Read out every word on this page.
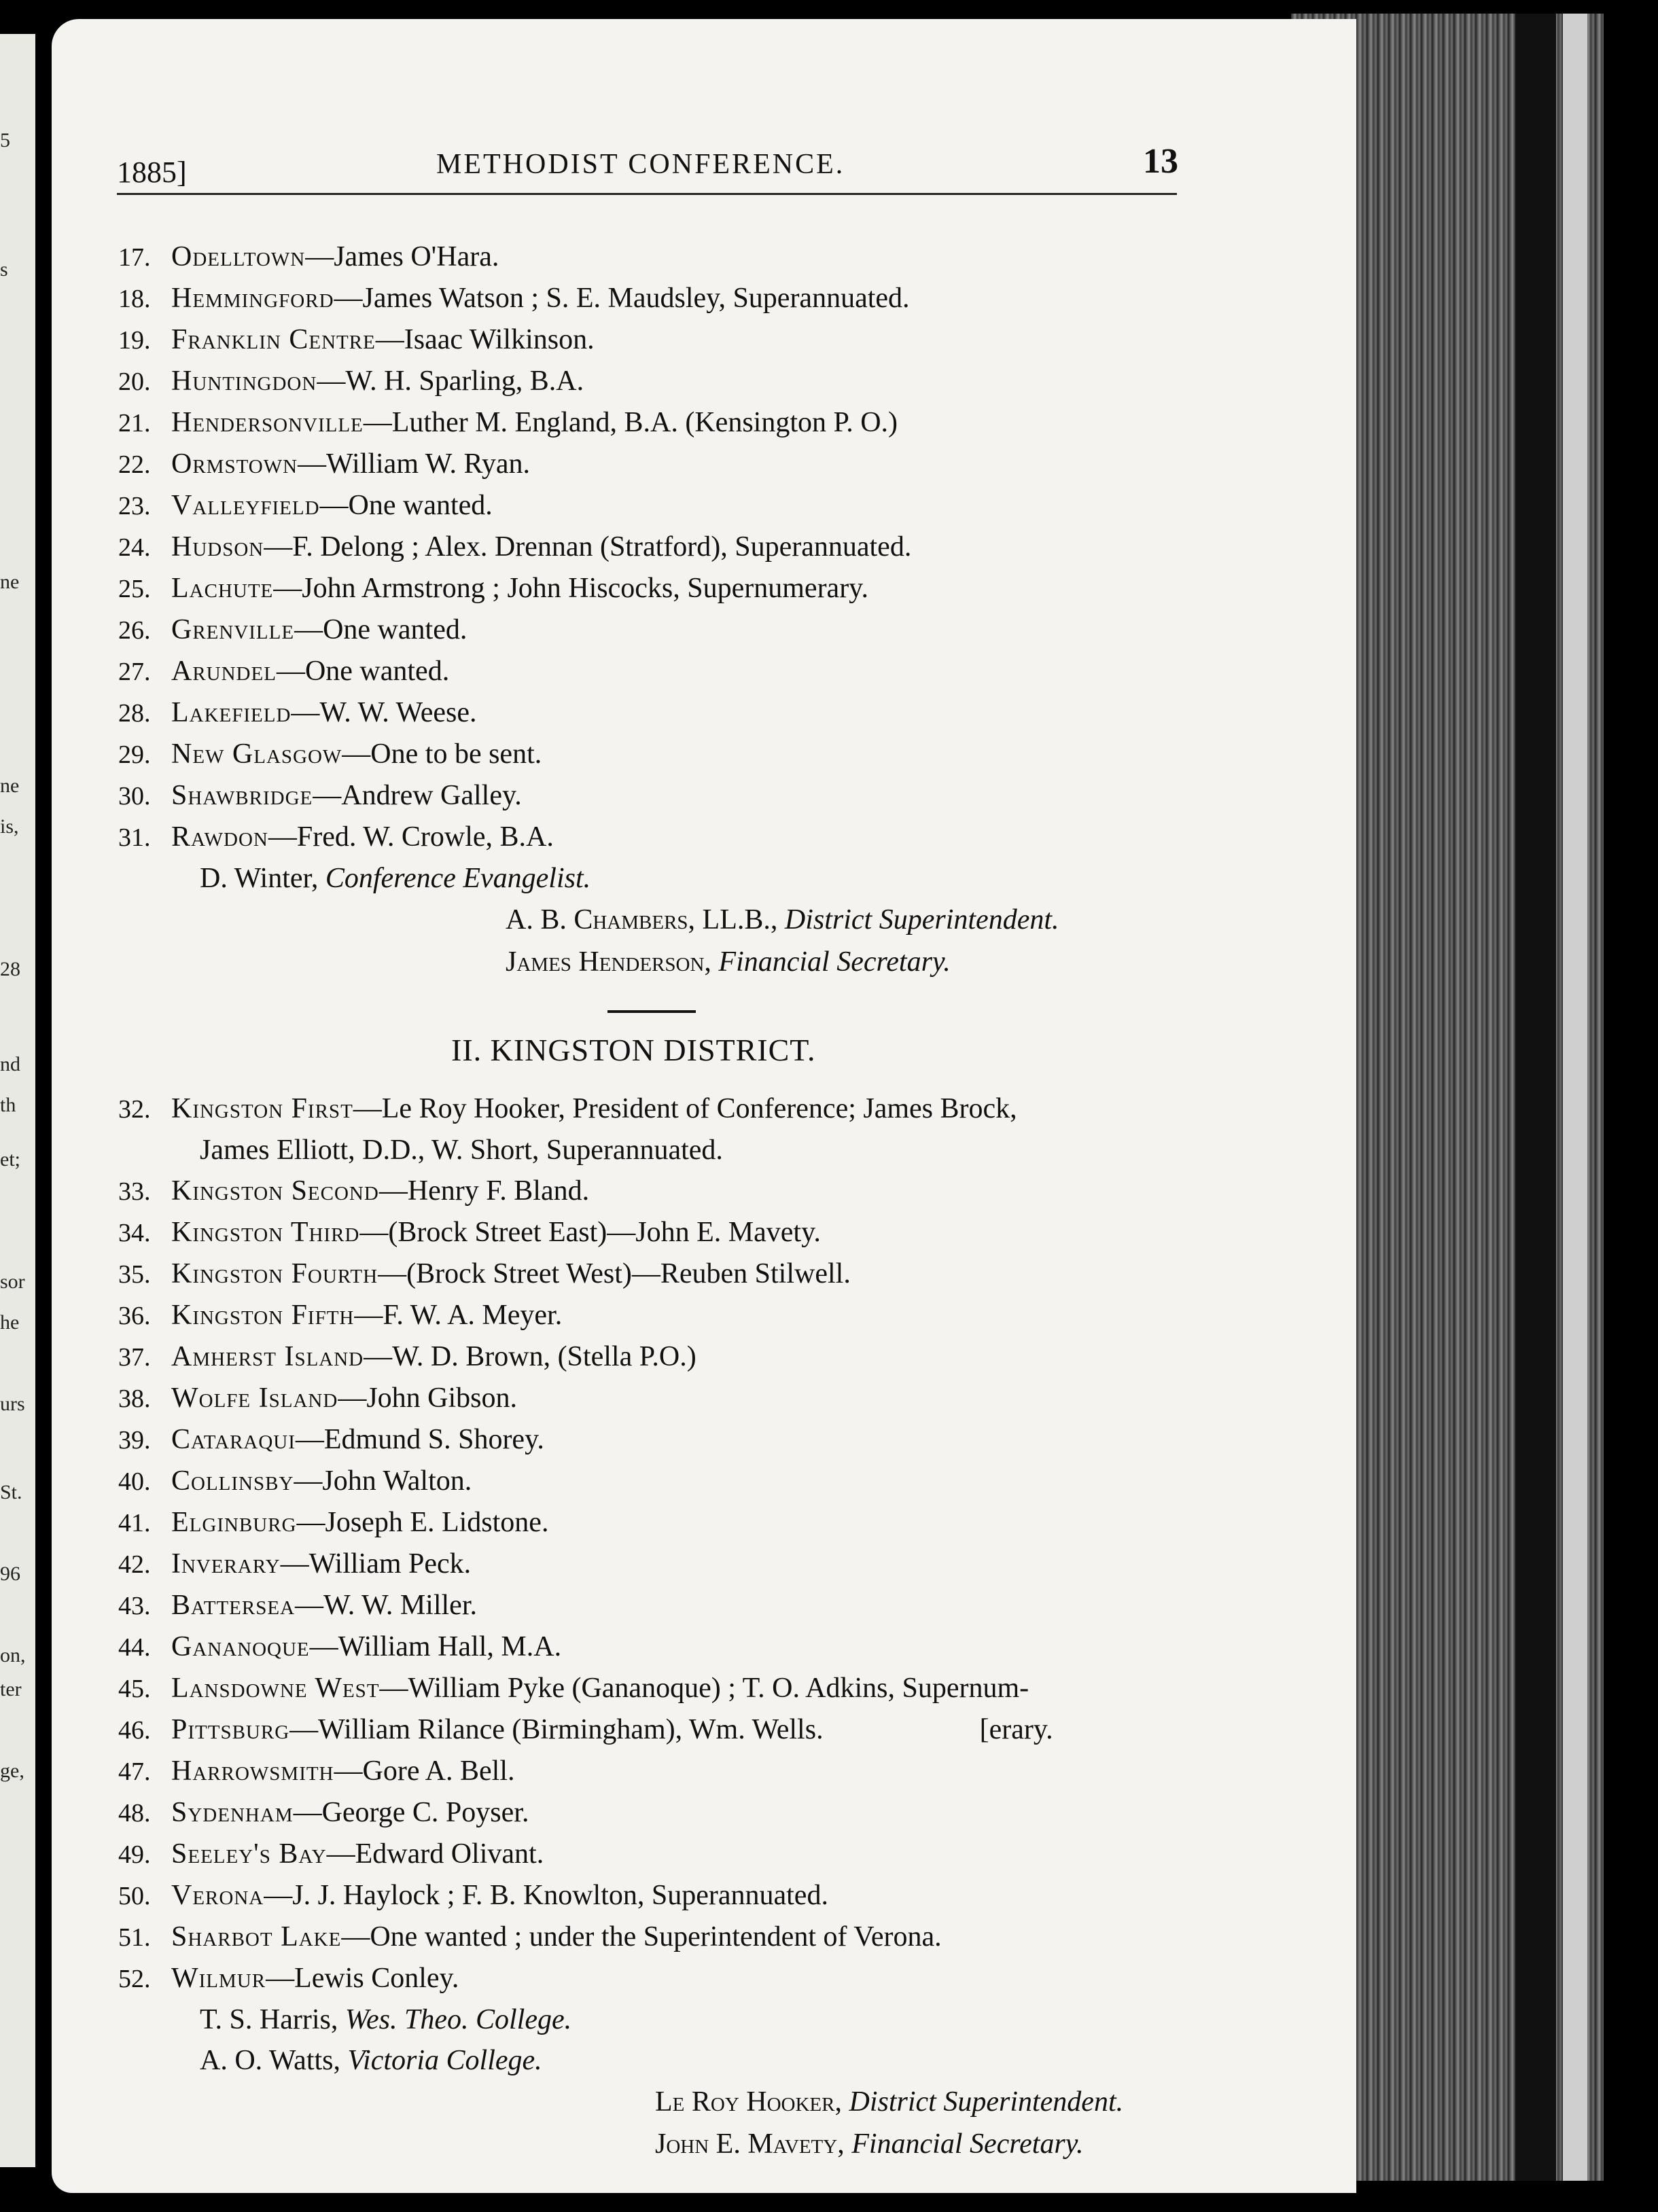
5
s
ne
ne
is,
28
nd
th
et;
sor
he
urs
St.
96
on,
ter
ge,
1885]	METHODIST CONFERENCE.	13
17. Odelltown—James O'Hara.
18. Hemmingford—James Watson ; S. E. Maudsley, Superannuated.
19. Franklin Centre—Isaac Wilkinson.
20. Huntingdon—W. H. Sparling, B.A.
21. Hendersonville—Luther M. England, B.A. (Kensington P. O.)
22. Ormstown—William W. Ryan.
23. Valleyfield—One wanted.
24. Hudson—F. Delong ; Alex. Drennan (Stratford), Superannuated.
25. Lachute—John Armstrong ; John Hiscocks, Supernumerary.
26. Grenville—One wanted.
27. Arundel—One wanted.
28. Lakefield—W. W. Weese.
29. New Glasgow—One to be sent.
30. Shawbridge—Andrew Galley.
31. Rawdon—Fred. W. Crowle, B.A.
D. Winter, Conference Evangelist.
A. B. Chambers, LL.B., District Superintendent.
James Henderson, Financial Secretary.
II. KINGSTON DISTRICT.
32. Kingston First—Le Roy Hooker, President of Conference; James Brock,
James Elliott, D.D., W. Short, Superannuated.
33. Kingston Second—Henry F. Bland.
34. Kingston Third—(Brock Street East)—John E. Mavety.
35. Kingston Fourth—(Brock Street West)—Reuben Stilwell.
36. Kingston Fifth—F. W. A. Meyer.
37. Amherst Island—W. D. Brown, (Stella P.O.)
38. Wolfe Island—John Gibson.
39. Cataraqui—Edmund S. Shorey.
40. Collinsby—John Walton.
41. Elginburg—Joseph E. Lidstone.
42. Inverary—William Peck.
43. Battersea—W. W. Miller.
44. Gananoque—William Hall, M.A.
45. Lansdowne West—William Pyke (Gananoque) ; T. O. Adkins, Supernum-
46. Pittsburg—William Rilance (Birmingham), Wm. Wells.	[erary.
47. Harrowsmith—Gore A. Bell.
48. Sydenham—George C. Poyser.
49. Seeley's Bay—Edward Olivant.
50. Verona—J. J. Haylock ; F. B. Knowlton, Superannuated.
51. Sharbot Lake—One wanted ; under the Superintendent of Verona.
52. Wilmur—Lewis Conley.
T. S. Harris, Wes. Theo. College.
A. O. Watts, Victoria College.
Le Roy Hooker, District Superintendent.
John E. Mavety, Financial Secretary.
